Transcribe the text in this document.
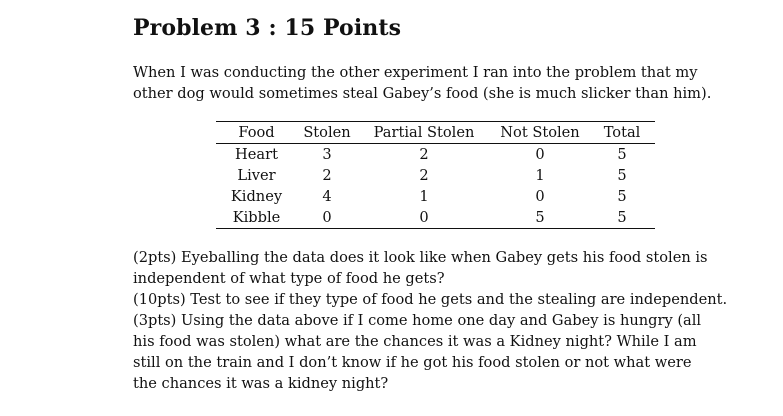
Problem 3 : 15 Points
When I was conducting the other experiment I ran into the problem that my
other dog would sometimes steal Gabey’s food (she is much slicker than him).
Food	Stolen	Partial Stolen	Not Stolen	Total
Heart	3	2	0	5
Liver	2	2	1	5
Kidney	4	1	0	5
Kibble	0	0	5	5
(2pts) Eyeballing the data does it look like when Gabey gets his food stolen is
independent of what type of food he gets?
(10pts) Test to see if they type of food he gets and the stealing are independent.
(3pts) Using the data above if I come home one day and Gabey is hungry (all
his food was stolen) what are the chances it was a Kidney night? While I am
still on the train and I don’t know if he got his food stolen or not what were
the chances it was a kidney night?
